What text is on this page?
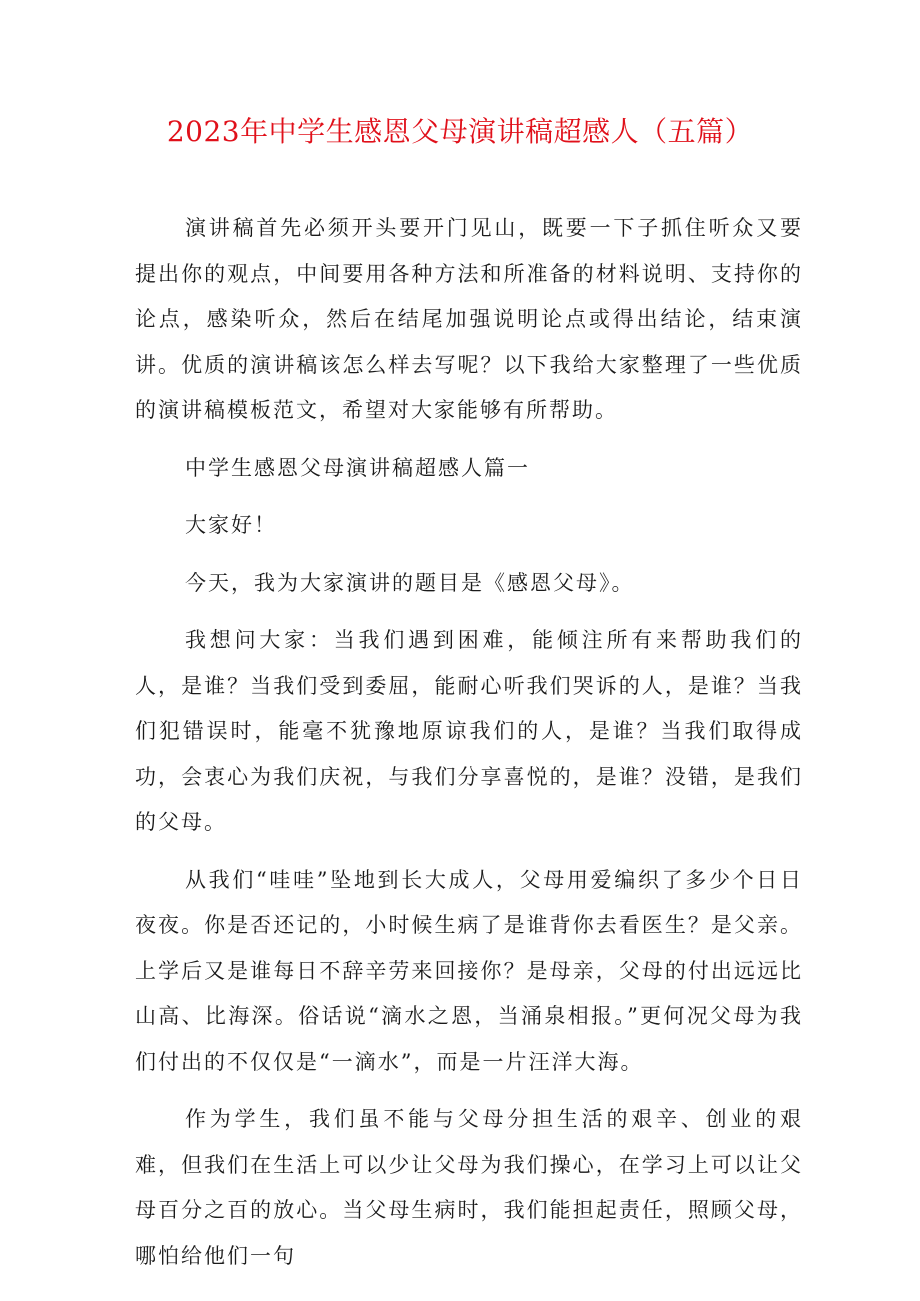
2023年中学生感恩父母演讲稿超感人（五篇）

演讲稿首先必须开头要开门见山，既要一下子抓住听众又要提出你的观点，中间要用各种方法和所准备的材料说明、支持你的论点，感染听众，然后在结尾加强说明论点或得出结论，结束演讲。优质的演讲稿该怎么样去写呢？以下我给大家整理了一些优质的演讲稿模板范文，希望对大家能够有所帮助。

中学生感恩父母演讲稿超感人篇一

大家好！

今天，我为大家演讲的题目是《感恩父母》。

我想问大家：当我们遇到困难，能倾注所有来帮助我们的人，是谁？当我们受到委屈，能耐心听我们哭诉的人，是谁？当我们犯错误时，能毫不犹豫地原谅我们的人，是谁？当我们取得成功，会衷心为我们庆祝，与我们分享喜悦的，是谁？没错，是我们的父母。

从我们“哇哇”坠地到长大成人，父母用爱编织了多少个日日夜夜。你是否还记的，小时候生病了是谁背你去看医生？是父亲。上学后又是谁每日不辞辛劳来回接你？是母亲，父母的付出远远比山高、比海深。俗话说“滴水之恩，当涌泉相报。”更何况父母为我们付出的不仅仅是“一滴水”，而是一片汪洋大海。

作为学生，我们虽不能与父母分担生活的艰辛、创业的艰难，但我们在生活上可以少让父母为我们操心，在学习上可以让父母百分之百的放心。当父母生病时，我们能担起责任，照顾父母，哪怕给他们一句
